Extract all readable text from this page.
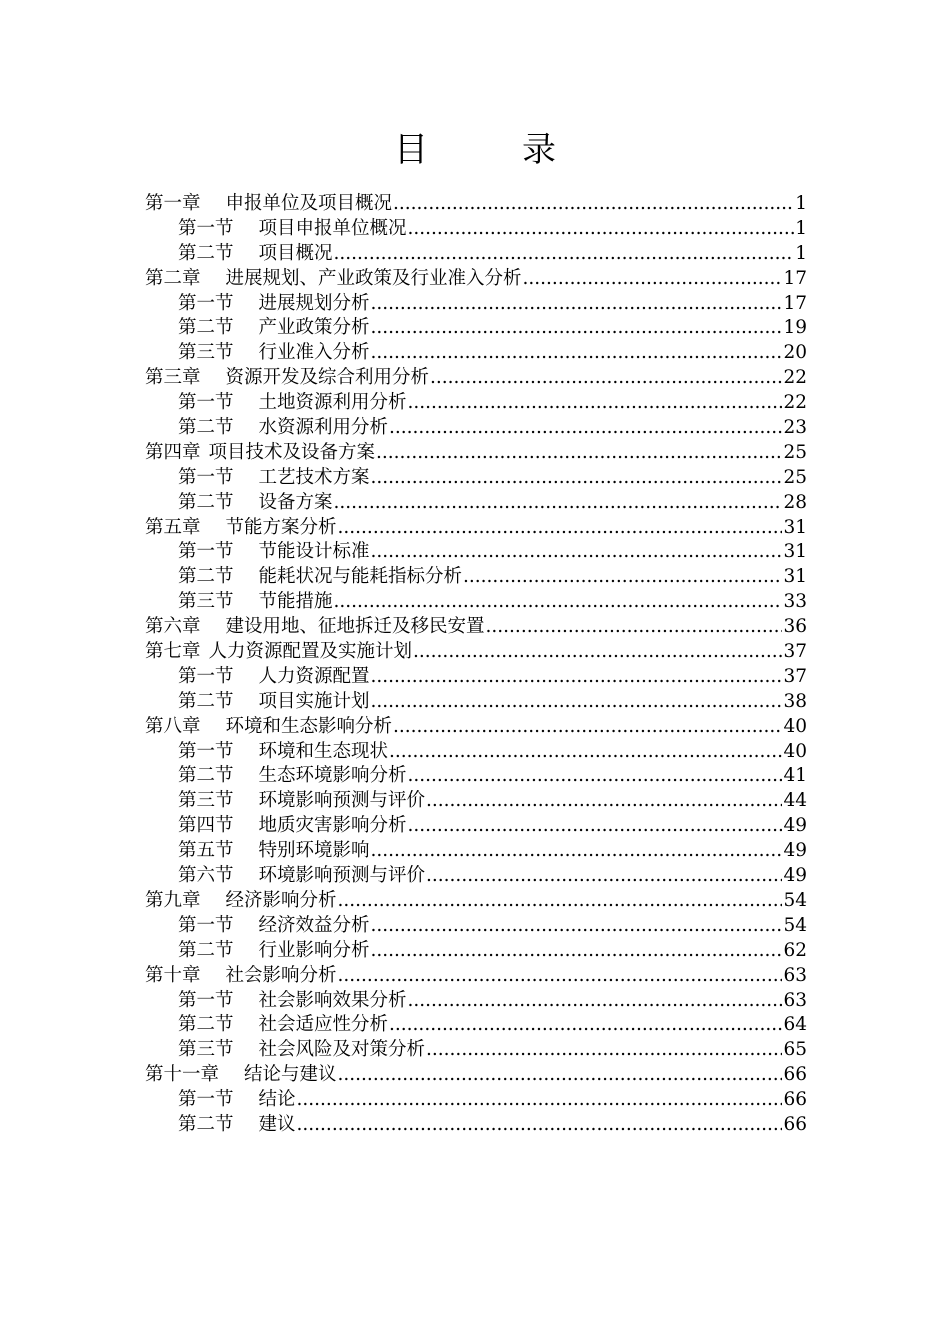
目　录
第一章 申报单位及项目概况 .....	1
第一节 项目申报单位概况 .....	1
第二节 项目概况 .....	1
第二章 进展规划、产业政策及行业准入分析 .....	17
第一节 进展规划分析 .....	17
第二节 产业政策分析 .....	19
第三节 行业准入分析 .....	20
第三章 资源开发及综合利用分析 .....	22
第一节 土地资源利用分析 .....	22
第二节 水资源利用分析 .....	23
第四章 项目技术及设备方案 .....	25
第一节 工艺技术方案 .....	25
第二节 设备方案 .....	28
第五章 节能方案分析 .....	31
第一节 节能设计标准 .....	31
第二节 能耗状况与能耗指标分析 .....	31
第三节 节能措施 .....	33
第六章 建设用地、征地拆迁及移民安置 .....	36
第七章 人力资源配置及实施计划 .....	37
第一节 人力资源配置 .....	37
第二节 项目实施计划 .....	38
第八章 环境和生态影响分析 .....	40
第一节 环境和生态现状 .....	40
第二节 生态环境影响分析 .....	41
第三节 环境影响预测与评价 .....	44
第四节 地质灾害影响分析 .....	49
第五节 特别环境影响 .....	49
第六节 环境影响预测与评价 .....	49
第九章 经济影响分析 .....	54
第一节 经济效益分析 .....	54
第二节 行业影响分析 .....	62
第十章 社会影响分析 .....	63
第一节 社会影响效果分析 .....	63
第二节 社会适应性分析 .....	64
第三节 社会风险及对策分析 .....	65
第十一章 结论与建议 .....	66
第一节 结论 .....	66
第二节 建议 .....	66
